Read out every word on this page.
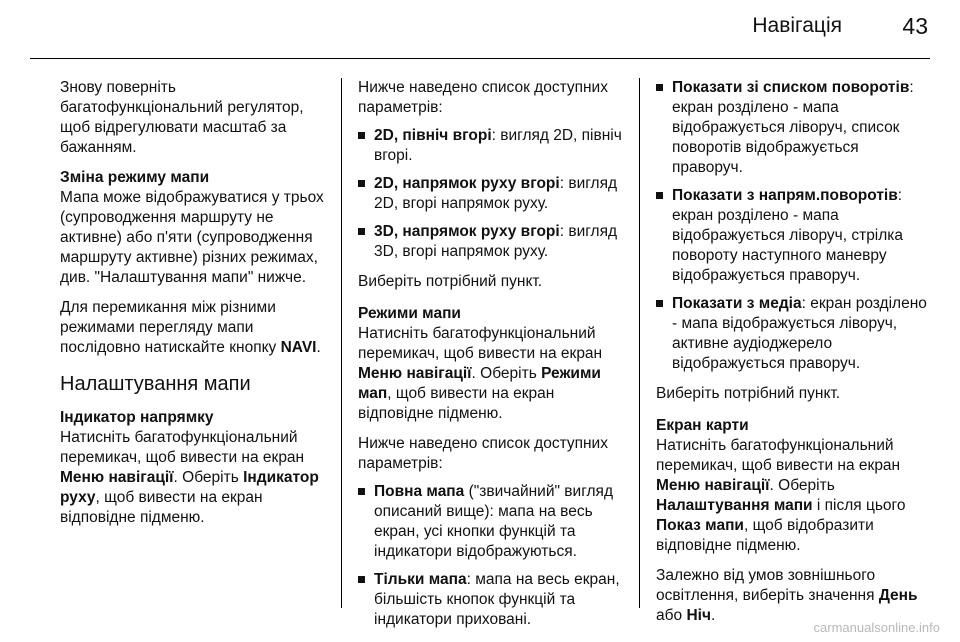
Навігація	43

Знову поверніть багатофункціональний регулятор, щоб відрегулювати масштаб за бажанням.

Зміна режиму мапи

Мапа може відображуватися у трьох (супроводження маршруту не активне) або п'яти (супроводження маршруту активне) різних режимах, див. "Налаштування мапи" нижче.

Для перемикання між різними режимами перегляду мапи послідовно натискайте кнопку NAVI.

Налаштування мапи
Індикатор напрямку

Натисніть багатофункціональний перемикач, щоб вивести на екран Меню навігації. Оберіть Індикатор руху, щоб вивести на екран відповідне підменю.

Нижче наведено список доступних параметрів:

2D, північ вгорі: вигляд 2D, північ вгорі.
2D, напрямок руху вгорі: вигляд 2D, вгорі напрямок руху.
3D, напрямок руху вгорі: вигляд 3D, вгорі напрямок руху.

Виберіть потрібний пункт.

Режими мапи

Натисніть багатофункціональний перемикач, щоб вивести на екран Меню навігації. Оберіть Режими мап, щоб вивести на екран відповідне підменю.

Нижче наведено список доступних параметрів:

Повна мапа ("звичайний" вигляд описаний вище): мапа на весь екран, усі кнопки функцій та індикатори відображуються.
Тільки мапа: мапа на весь екран, більшість кнопок функцій та індикатори приховані.
Показати зі списком поворотів: екран розділено - мапа відображується ліворуч, список поворотів відображується праворуч.
Показати з напрям.поворотів: екран розділено - мапа відображується ліворуч, стрілка повороту наступного маневру відображується праворуч.
Показати з медіа: екран розділено - мапа відображується ліворуч, активне аудіоджерело відображується праворуч.

Виберіть потрібний пункт.

Екран карти

Натисніть багатофункціональний перемикач, щоб вивести на екран Меню навігації. Оберіть Налаштування мапи і після цього Показ мапи, щоб відобразити відповідне підменю.

Залежно від умов зовнішнього освітлення, виберіть значення День або Ніч.

carmanualsonline.info
